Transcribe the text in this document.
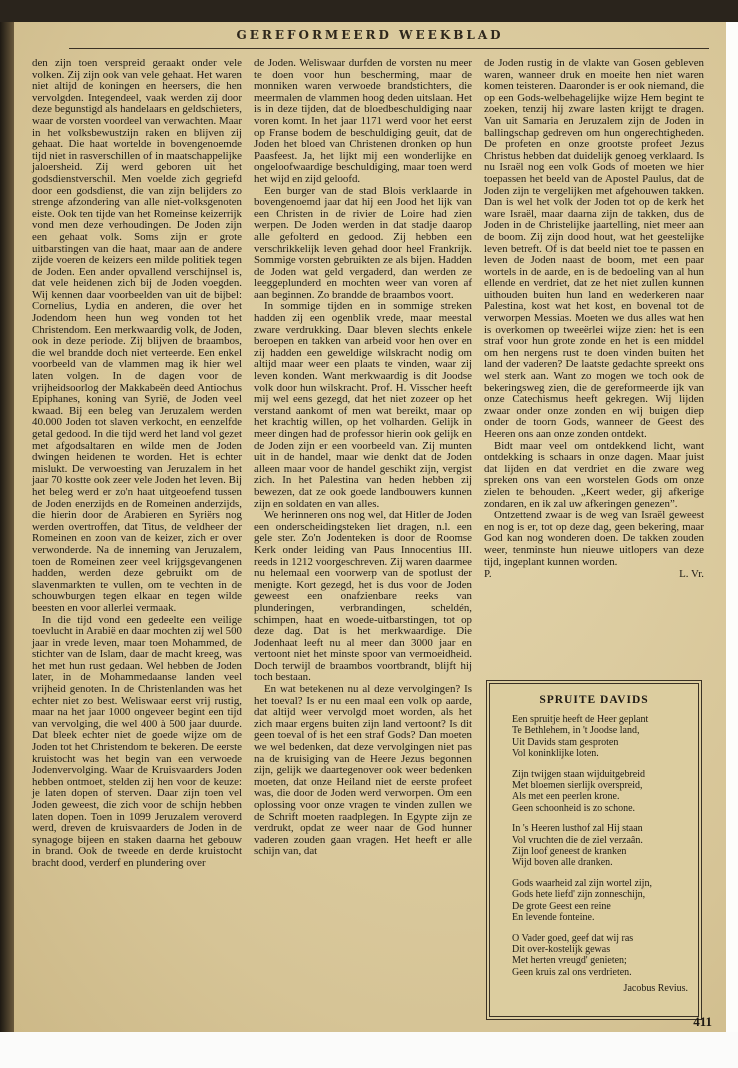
GEREFORMEERD WEEKBLAD

den zijn toen verspreid geraakt onder vele volken. Zij zijn ook van vele gehaat. Het waren niet altijd de koningen en heersers, die hen vervolgden. Integendeel, vaak werden zij door deze begunstigd als handelaars en geldschieters, waar de vorsten voordeel van verwachten. Maar in het volksbewustzijn raken en blijven zij gehaat. Die haat wortelde in bovengenoemde tijd niet in rasverschillen of in maatschappelijke jaloersheid. Zij werd geboren uit het godsdienstverschil. Men voelde zich gegriefd door een godsdienst, die van zijn belijders zo strenge afzondering van alle niet-volksgenoten eiste. Ook ten tijde van het Romeinse keizerrijk vond men deze verhoudingen. De Joden zijn een gehaat volk. Soms zijn er grote uitbarstingen van die haat, maar aan de andere zijde voeren de keizers een milde politiek tegen de Joden. Een ander opvallend verschijnsel is, dat vele heidenen zich bij de Joden voegden. Wij kennen daar voorbeelden van uit de bijbel: Cornelius, Lydia en anderen, die over het Jodendom heen hun weg vonden tot het Christendom. Een merkwaardig volk, de Joden, ook in deze periode. Zij blijven de braambos, die wel brandde doch niet verteerde. Een enkel voorbeeld van de vlammen mag ik hier wel laten volgen. In de dagen voor de vrijheidsoorlog der Makkabeën deed Antiochus Epiphanes, koning van Syrië, de Joden veel kwaad. Bij een beleg van Jeruzalem werden 40.000 Joden tot slaven verkocht, en eenzelfde getal gedood. In die tijd werd het land vol gezet met afgodsaltaren en wilde men de Joden dwingen heidenen te worden. Het is echter mislukt. De verwoesting van Jeruzalem in het jaar 70 kostte ook zeer vele Joden het leven. Bij het beleg werd er zo'n haat uitgeoefend tussen de Joden enerzijds en de Romeinen anderzijds, die hierin door de Arabieren en Syriërs nog werden overtroffen, dat Titus, de veldheer der Romeinen en zoon van de keizer, zich er over verwonderde. Na de inneming van Jeruzalem, toen de Romeinen zeer veel krijgsgevangenen hadden, werden deze gebruikt om de slavenmarkten te vullen, om te vechten in de schouwburgen tegen elkaar en tegen wilde beesten en voor allerlei vermaak.

In die tijd vond een gedeelte een veilige toevlucht in Arabië en daar mochten zij wel 500 jaar in vrede leven, maar toen Mohammed, de stichter van de Islam, daar de macht kreeg, was het met hun rust gedaan. Wel hebben de Joden later, in de Mohammedaanse landen veel vrijheid genoten. In de Christenlanden was het echter niet zo best. Weliswaar eerst vrij rustig, maar na het jaar 1000 ongeveer begint een tijd van vervolging, die wel 400 à 500 jaar duurde. Dat bleek echter niet de goede wijze om de Joden tot het Christendom te bekeren. De eerste kruistocht was het begin van een verwoede Jodenvervolging. Waar de Kruisvaarders Joden hebben ontmoet, stelden zij hen voor de keuze: je laten dopen of sterven. Daar zijn toen vel Joden geweest, die zich voor de schijn hebben laten dopen. Toen in 1099 Jeruzalem veroverd werd, dreven de kruisvaarders de Joden in de synagoge bijeen en staken daarna het gebouw in brand. Ook de tweede en derde kruistocht bracht dood, verderf en plundering over

de Joden. Weliswaar durfden de vorsten nu meer te doen voor hun bescherming, maar de monniken waren verwoede brandstichters, die meermalen de vlammen hoog deden uitslaan. Het is in deze tijden, dat de bloedbeschuldiging naar voren komt. In het jaar 1171 werd voor het eerst op Franse bodem de beschuldiging geuit, dat de Joden het bloed van Christenen dronken op hun Paasfeest. Ja, het lijkt mij een wonderlijke en ongeloofwaardige beschuldiging, maar toen werd het wijd en zijd geloofd.

Een burger van de stad Blois verklaarde in bovengenoemd jaar dat hij een Jood het lijk van een Christen in de rivier de Loire had zien werpen. De Joden werden in dat stadje daarop alle gefolterd en gedood. Zij hebben een verschrikkelijk leven gehad door heel Frankrijk. Sommige vorsten gebruikten ze als bijen. Hadden de Joden wat geld vergaderd, dan werden ze leeggeplunderd en mochten weer van voren af aan beginnen. Zo brandde de braambos voort.

In sommige tijden en in sommige streken hadden zij een ogenblik vrede, maar meestal zware verdrukking. Daar bleven slechts enkele beroepen en takken van arbeid voor hen over en zij hadden een geweldige wilskracht nodig om altijd maar weer een plaats te vinden, waar zij leven konden. Want merkwaardig is dit Joodse volk door hun wilskracht. Prof. H. Visscher heeft mij wel eens gezegd, dat het niet zozeer op het verstand aankomt of men wat bereikt, maar op het krachtig willen, op het volharden. Gelijk in meer dingen had de professor hierin ook gelijk en de Joden zijn er een voorbeeld van. Zij munten uit in de handel, maar wie denkt dat de Joden alleen maar voor de handel geschikt zijn, vergist zich. In het Palestina van heden hebben zij bewezen, dat ze ook goede landbouwers kunnen zijn en soldaten en van alles.

We herinneren ons nog wel, dat Hitler de Joden een onderscheidingsteken liet dragen, n.l. een gele ster. Zo'n Jodenteken is door de Roomse Kerk onder leiding van Paus Innocentius III. reeds in 1212 voorgeschreven. Zij waren daarmee nu helemaal een voorwerp van de spotlust der menigte. Kort gezegd, het is dus voor de Joden geweest een onafzienbare reeks van plunderingen, verbrandingen, scheldén, schimpen, haat en woede-uitbarstingen, tot op deze dag. Dat is het merkwaardige. Die Jodenhaat leeft nu al meer dan 3000 jaar en vertoont niet het minste spoor van vermoeidheid. Doch terwijl de braambos voortbrandt, blijft hij toch bestaan.

En wat betekenen nu al deze vervolgingen? Is het toeval? Is er nu een maal een volk op aarde, dat altijd weer vervolgd moet worden, als het zich maar ergens buiten zijn land vertoont? Is dit geen toeval of is het een straf Gods? Dan moeten we wel bedenken, dat deze vervolgingen niet pas na de kruisiging van de Heere Jezus begonnen zijn, gelijk we daartegenover ook weer bedenken moeten, dat onze Heiland niet de eerste profeet was, die door de Joden werd verworpen. Om een oplossing voor onze vragen te vinden zullen we de Schrift moeten raadplegen. In Egypte zijn ze verdrukt, opdat ze weer naar de God hunner vaderen zouden gaan vragen. Het heeft er alle schijn van, dat

de Joden rustig in de vlakte van Gosen gebleven waren, wanneer druk en moeite hen niet waren komen teisteren. Daaronder is er ook niemand, die op een Gods-welbehagelijke wijze Hem begint te zoeken, tenzij hij zware lasten krijgt te dragen. Van uit Samaria en Jeruzalem zijn de Joden in ballingschap gedreven om hun ongerechtigheden. De profeten en onze grootste profeet Jezus Christus hebben dat duidelijk genoeg verklaard. Is nu Israël nog een volk Gods of moeten we hier toepassen het beeld van de Apostel Paulus, dat de Joden zijn te vergelijken met afgehouwen takken. Dan is wel het volk der Joden tot op de kerk het ware Israël, maar daarna zijn de takken, dus de Joden in de Christelijke jaartelling, niet meer aan de boom. Zij zijn dood hout, wat het geestelijke leven betreft. Of is dat beeld niet toe te passen en leven de Joden naast de boom, met een paar wortels in de aarde, en is de bedoeling van al hun ellende en verdriet, dat ze het niet zullen kunnen uithouden buiten hun land en wederkeren naar Palestina, kost wat het kost, en bovenal tot de verworpen Messias. Moeten we dus alles wat hen is overkomen op tweeërlei wijze zien: het is een straf voor hun grote zonde en het is een middel om hen nergens rust te doen vinden buiten het land der vaderen? De laatste gedachte spreekt ons wel sterk aan. Want zo mogen we toch ook de bekeringsweg zien, die de gereformeerde ijk van onze Catechismus heeft gekregen. Wij lijden zwaar onder onze zonden en wij buigen diep onder de toorn Gods, wanneer de Geest des Heeren ons aan onze zonden ontdekt.

Bidt maar veel om ontdekkend licht, want ontdekking is schaars in onze dagen. Maar juist dat lijden en dat verdriet en die zware weg spreken ons van een worstelen Gods om onze zielen te behouden. „Keert weder, gij afkerige zondaren, en ik zal uw afkeringen genezen”.

Ontzettend zwaar is de weg van Israël geweest en nog is er, tot op deze dag, geen bekering, maar God kan nog wonderen doen. De takken zouden weer, tenminste hun nieuwe uitlopers van deze tijd, ingeplant kunnen worden.

P.	L. Vr.
SPRUITE DAVIDS
Een spruitje heeft de Heer geplant
Te Bethlehem, in 't Joodse land,
Uit Davids stam gesproten
Vol koninklijke loten.
Zijn twijgen staan wijduitgebreid
Met bloemen sierlijk overspreid,
Als met een peerlen krone.
Geen schoonheid is zo schone.
In 's Heeren lusthof zal Hij staan
Vol vruchten die de ziel verzaân.
Zijn loof geneest de kranken
Wijd boven alle dranken.
Gods waarheid zal zijn wortel zijn,
Gods hete liefd' zijn zonneschijn,
De grote Geest een reine
En levende fonteine.
O Vader goed, geef dat wij ras
Dit over-kostelijk gewas
Met herten vreugd' genieten;
Geen kruis zal ons verdrieten.
Jacobus Revius.
411
